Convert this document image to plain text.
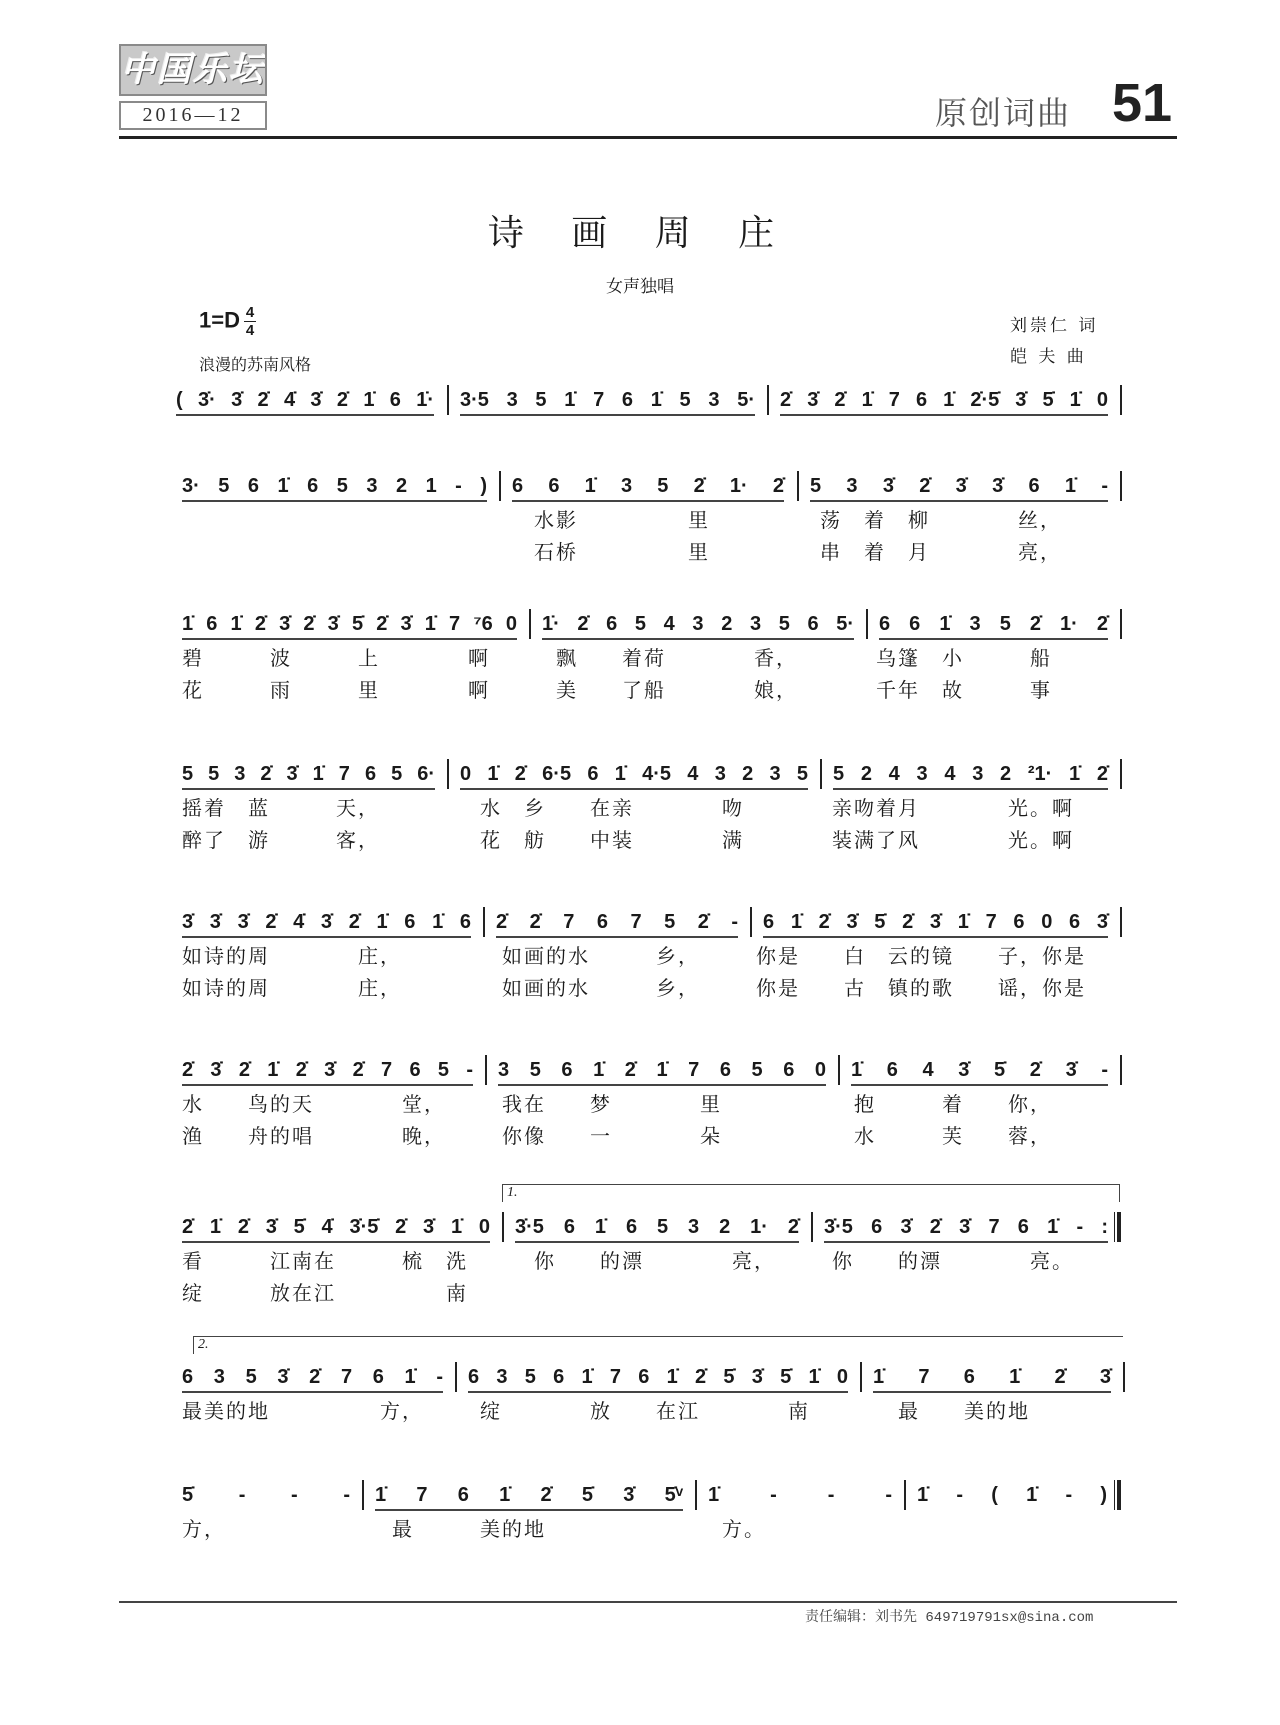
中国乐坛
2016—12	原创词曲 51
诗 画 周 庄
女声独唱
$1=D \frac{4}{4}$
浪漫的苏南风格
刘崇仁 词
皑 夫 曲
( 3̇· 3̇ 2̇ 4̇ 3̇ 2̇ 1̇ 6 1̇· 3·5 3 5 1̇ 7 6 1̇ 5 3 5· 2̇ 3̇ 2̇ 1̇ 7 6 1̇ 2̇·5̇ 3̇ 5̇ 1̇ 0
3· 5 6 1̇ 6 5 3 2 1 - ) 6 6 1̇ 3 5 2̇ 1· 2̇ 5 3 3̇ 2̇ 3̇ 3̇ 6 1̇ -
　　　　　　　　　　　　　　　　水影　　　　　里　　　　　荡　着　柳　　　　丝，
　　　　　　　　　　　　　　　　石桥　　　　　里　　　　　串　着　月　　　　亮，
1̇ 6 1̇ 2̇ 3̇ 2̇ 3̇ 5̇ 2̇ 3̇ 1̇ 7 ⁷6 0 1̇· 2̇ 6 5 4 3 2 3 5 6 5· 6 6 1̇ 3 5 2̇ 1· 2̇
碧　　　波　　　上　　　　啊　　　飘　　着荷　　　　香，　　　　乌篷　小　　　船
花　　　雨　　　里　　　　啊　　　美　　了船　　　　娘，　　　　千年　故　　　事
5 5 3 2̇ 3̇ 1̇ 7 6 5 6· 0 1̇ 2̇ 6·5 6 1̇ 4·5 4 3 2 3 5 5 2 4 3 4 3 2 ²1· 1̇ 2̇
摇着　蓝　　　天，　　　　　水　乡　　在亲　　　　吻　　　　亲吻着月　　　　光。啊
醉了　游　　　客，　　　　　花　舫　　中装　　　　满　　　　装满了风　　　　光。啊
3̇ 3̇ 3̇ 2̇ 4̇ 3̇ 2̇ 1̇ 6 1̇ 6 2̇ 2̇ 7 6 7 5 2̇ - 6 1̇ 2̇ 3̇ 5̇ 2̇ 3̇ 1̇ 7 6 0 6 3̇
如诗的周　　　　庄，　　　　　如画的水　　　乡，　　　你是　　白　云的镜　　子，你是
如诗的周　　　　庄，　　　　　如画的水　　　乡，　　　你是　　古　镇的歌　　谣，你是
2̇ 3̇ 2̇ 1̇ 2̇ 3̇ 2̇ 7 6 5 - 3 5 6 1̇ 2̇ 1̇ 7 6 5 6 0 1̇ 6 4 3̇ 5̇ 2̇ 3̇ -
水　　鸟的天　　　　堂，　　　我在　　梦　　　　里　　　　　　抱　　　着　　你，
渔　　舟的唱　　　　晚，　　　你像　　一　　　　朵　　　　　　水　　　芙　　蓉，
1.
2̇ 1̇ 2̇ 3̇ 5̇ 4̇ 3̇·5̇ 2̇ 3̇ 1̇ 0 3̇·5 6 1̇ 6 5 3 2 1· 2̇ 3̇·5 6 3̇ 2̇ 3̇ 7 6 1̇ - :
看　　　江南在　　　梳　洗　　　你　　的漂　　　　亮，　　　你　　的漂　　　　亮。
绽　　　放在江　　　　　南
2.
6 3 5 3̇ 2̇ 7 6 1̇ - 6 3 5 6 1̇ 7 6 1̇ 2̇ 5̇ 3̇ 5̇ 1̇ 0 1̇ 7 6 1̇ 2̇ 3̇
最美的地　　　　　方，　　　绽　　　　放　　在江　　　　南　　　　最　　美的地
5̇ - - - 1̇ 7 6 1̇ 2̇ 5̇ 3̇ 5̇ᵛ 1̇ - - - 1̇ - ( 1̇ - )
方，　　　　　　　　最　　　美的地　　　　　　　　方。
责任编辑：刘书先 649719791sx@sina.com
